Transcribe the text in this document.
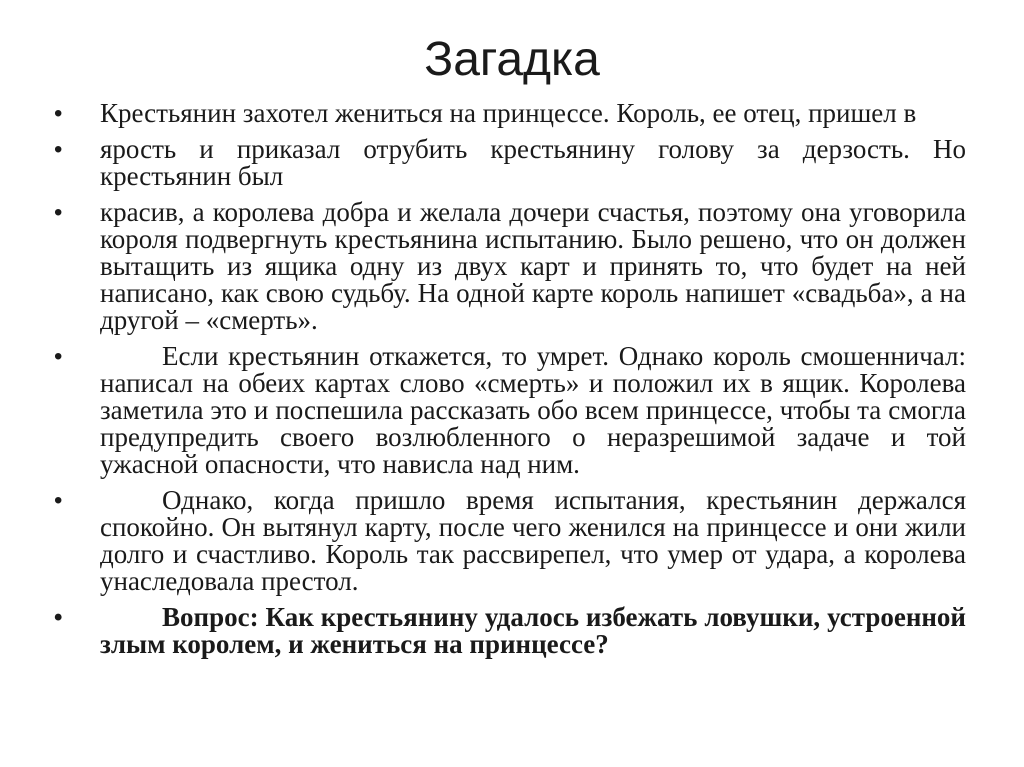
Загадка
• Крестьянин захотел жениться на принцессе. Король, ее отец, пришел в
• ярость и приказал отрубить крестьянину голову за дерзость. Но крестьянин был
• красив, а королева добра и желала дочери счастья, поэтому она уговорила короля подвергнуть крестьянина испытанию. Было решено, что он должен вытащить из ящика одну из двух карт и принять то, что будет на ней написано, как свою судьбу. На одной карте король напишет «свадьба», а на другой – «смерть».
•	Если крестьянин откажется, то умрет. Однако король смошенничал: написал на обеих картах слово «смерть» и положил их в ящик. Королева заметила это и поспешила рассказать обо всем принцессе, чтобы та смогла предупредить своего возлюбленного о неразрешимой задаче и той ужасной опасности, что нависла над ним.
•	Однако, когда пришло время испытания, крестьянин держался спокойно. Он вытянул карту, после чего женился на принцессе и они жили долго и счастливо. Король так рассвирепел, что умер от удара, а королева унаследовала престол.
•	Вопрос: Как крестьянину удалось избежать ловушки, устроенной злым королем, и жениться на принцессе?
